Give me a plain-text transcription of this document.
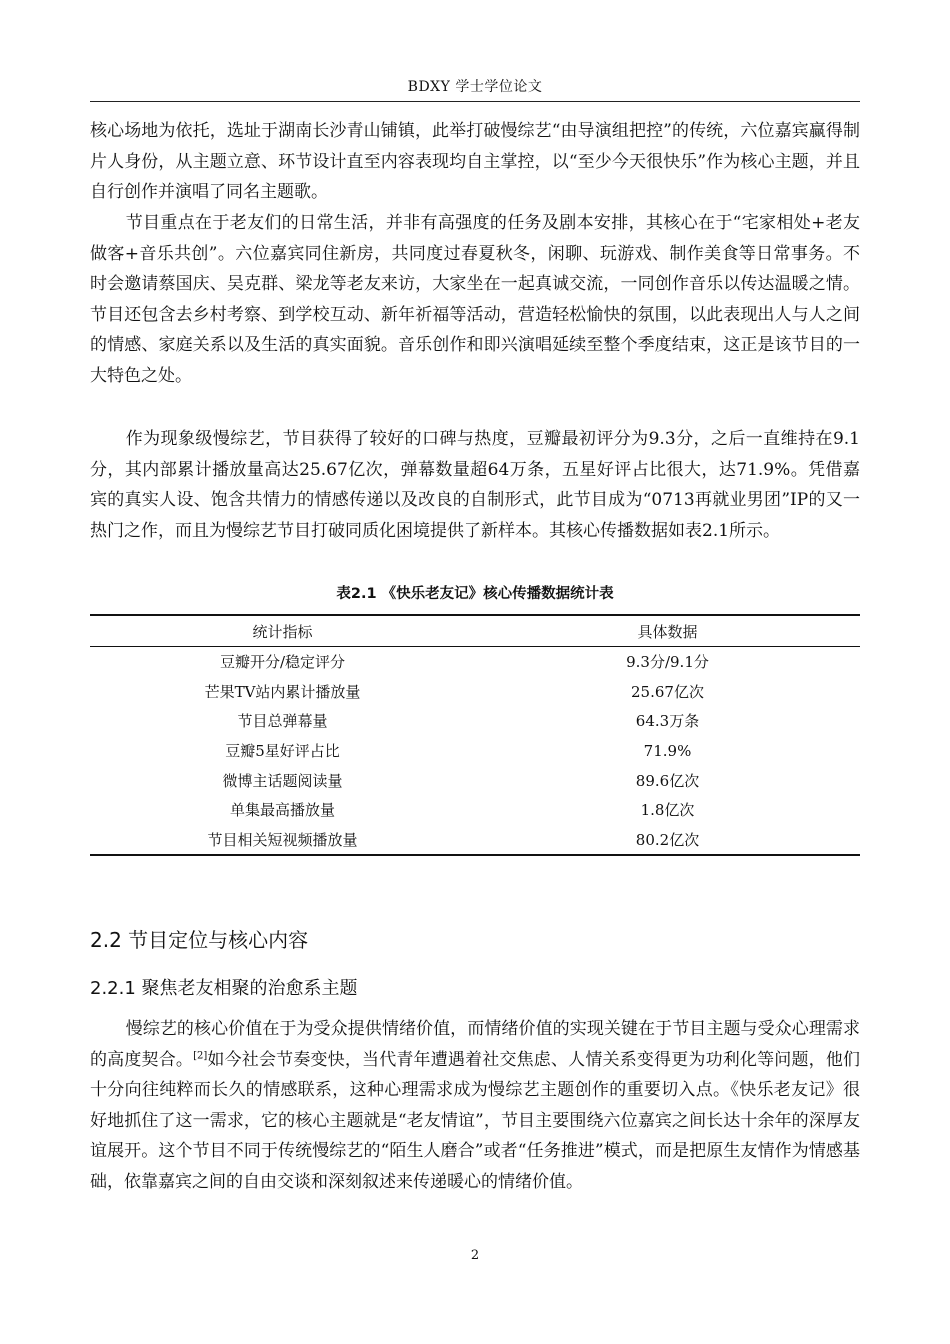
BDXY 学士学位论文

核心场地为依托，选址于湖南长沙青山铺镇，此举打破慢综艺“由导演组把控”的传统，六位嘉宾赢得制片人身份，从主题立意、环节设计直至内容表现均自主掌控，以“至少今天很快乐”作为核心主题，并且自行创作并演唱了同名主题歌。

节目重点在于老友们的日常生活，并非有高强度的任务及剧本安排，其核心在于“宅家相处+老友做客+音乐共创”。六位嘉宾同住新房，共同度过春夏秋冬，闲聊、玩游戏、制作美食等日常事务。不时会邀请蔡国庆、吴克群、梁龙等老友来访，大家坐在一起真诚交流，一同创作音乐以传达温暖之情。节目还包含去乡村考察、到学校互动、新年祈福等活动，营造轻松愉快的氛围，以此表现出人与人之间的情感、家庭关系以及生活的真实面貌。音乐创作和即兴演唱延续至整个季度结束，这正是该节目的一大特色之处。

作为现象级慢综艺，节目获得了较好的口碑与热度，豆瓣最初评分为9.3分，之后一直维持在9.1分，其内部累计播放量高达25.67亿次，弹幕数量超64万条，五星好评占比很大，达71.9%。凭借嘉宾的真实人设、饱含共情力的情感传递以及改良的自制形式，此节目成为“0713再就业男团”IP的又一热门之作，而且为慢综艺节目打破同质化困境提供了新样本。其核心传播数据如表2.1所示。

表2.1 《快乐老友记》核心传播数据统计表
统计指标	具体数据
豆瓣开分/稳定评分	9.3分/9.1分
芒果TV站内累计播放量	25.67亿次
节目总弹幕量	64.3万条
豆瓣5星好评占比	71.9%
微博主话题阅读量	89.6亿次
单集最高播放量	1.8亿次
节目相关短视频播放量	80.2亿次
2.2 节目定位与核心内容
2.2.1 聚焦老友相聚的治愈系主题

慢综艺的核心价值在于为受众提供情绪价值，而情绪价值的实现关键在于节目主题与受众心理需求的高度契合。[2]如今社会节奏变快，当代青年遭遇着社交焦虑、人情关系变得更为功利化等问题，他们十分向往纯粹而长久的情感联系，这种心理需求成为慢综艺主题创作的重要切入点。《快乐老友记》很好地抓住了这一需求，它的核心主题就是“老友情谊”，节目主要围绕六位嘉宾之间长达十余年的深厚友谊展开。这个节目不同于传统慢综艺的“陌生人磨合”或者“任务推进”模式，而是把原生友情作为情感基础，依靠嘉宾之间的自由交谈和深刻叙述来传递暖心的情绪价值。

2
